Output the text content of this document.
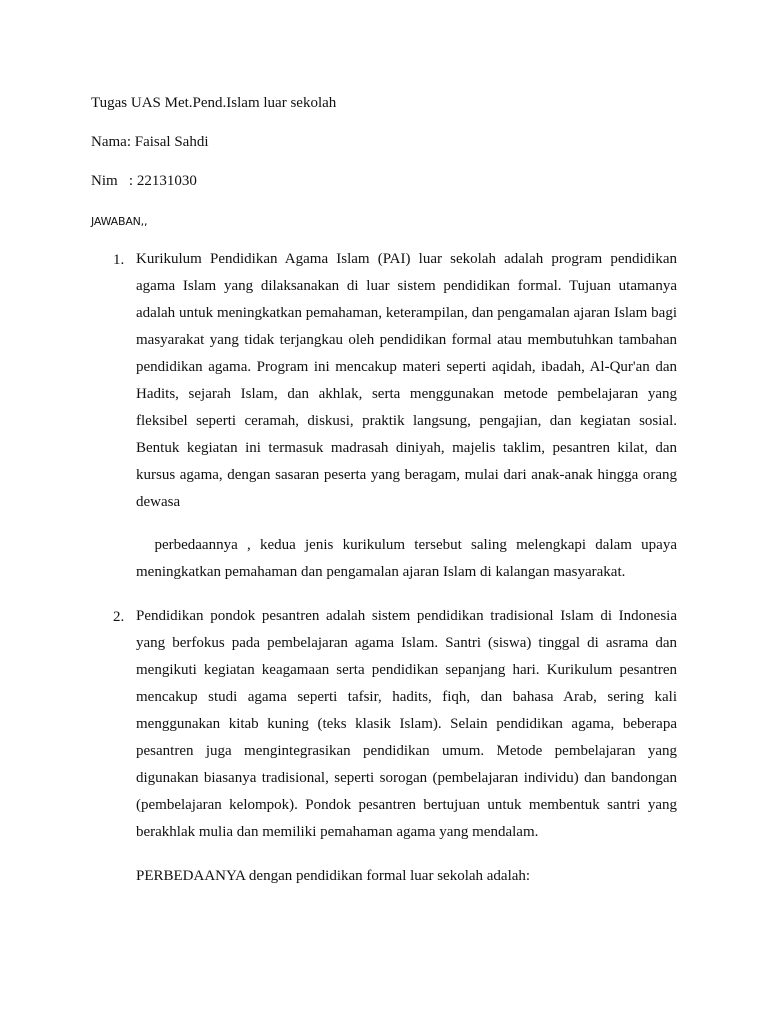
Tugas UAS Met.Pend.Islam luar sekolah
Nama: Faisal Sahdi
Nim   : 22131030
JAWABAN,,
1. Kurikulum Pendidikan Agama Islam (PAI) luar sekolah adalah program pendidikan agama Islam yang dilaksanakan di luar sistem pendidikan formal. Tujuan utamanya adalah untuk meningkatkan pemahaman, keterampilan, dan pengamalan ajaran Islam bagi masyarakat yang tidak terjangkau oleh pendidikan formal atau membutuhkan tambahan pendidikan agama. Program ini mencakup materi seperti aqidah, ibadah, Al-Qur'an dan Hadits, sejarah Islam, dan akhlak, serta menggunakan metode pembelajaran yang fleksibel seperti ceramah, diskusi, praktik langsung, pengajian, dan kegiatan sosial. Bentuk kegiatan ini termasuk madrasah diniyah, majelis taklim, pesantren kilat, dan kursus agama, dengan sasaran peserta yang beragam, mulai dari anak-anak hingga orang dewasa
perbedaannya , kedua jenis kurikulum tersebut saling melengkapi dalam upaya meningkatkan pemahaman dan pengamalan ajaran Islam di kalangan masyarakat.
2. Pendidikan pondok pesantren adalah sistem pendidikan tradisional Islam di Indonesia yang berfokus pada pembelajaran agama Islam. Santri (siswa) tinggal di asrama dan mengikuti kegiatan keagamaan serta pendidikan sepanjang hari. Kurikulum pesantren mencakup studi agama seperti tafsir, hadits, fiqh, dan bahasa Arab, sering kali menggunakan kitab kuning (teks klasik Islam). Selain pendidikan agama, beberapa pesantren juga mengintegrasikan pendidikan umum. Metode pembelajaran yang digunakan biasanya tradisional, seperti sorogan (pembelajaran individu) dan bandongan (pembelajaran kelompok). Pondok pesantren bertujuan untuk membentuk santri yang berakhlak mulia dan memiliki pemahaman agama yang mendalam.
PERBEDAANYA dengan pendidikan formal luar sekolah adalah:
